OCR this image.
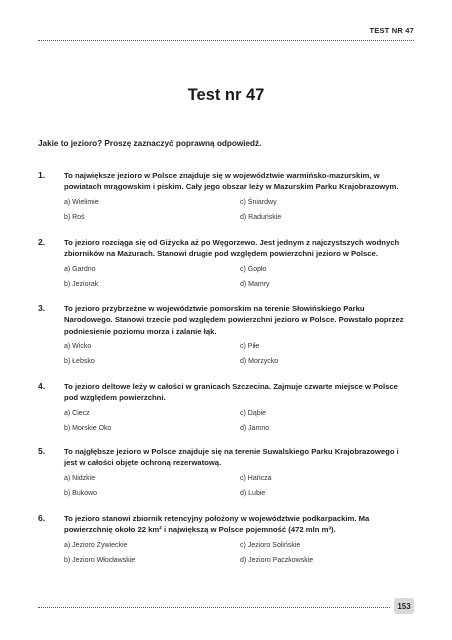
TEST NR 47
Test nr 47

Jakie to jezioro? Proszę zaznaczyć poprawną odpowiedź.

1. To największe jezioro w Polsce znajduje się w województwie warmińsko-mazurskim, w powiatach mrągowskim i piskim. Cały jego obszar leży w Mazurskim Parku Krajobrazowym.
a) Wielimie	c) Śniardwy
b) Roś	d) Raduńskie
2. To jezioro rozciąga się od Giżycka aż po Węgorzewo. Jest jednym z najczystszych wodnych zbiorników na Mazurach. Stanowi drugie pod względem powierzchni jezioro w Polsce.
a) Gardno	c) Gopło
b) Jeziorak	d) Mamry
3. To jezioro przybrzeżne w województwie pomorskim na terenie Słowińskiego Parku Narodowego. Stanowi trzecie pod względem powierzchni jezioro w Polsce. Powstało poprzez podniesienie poziomu morza i zalanie łąk.
a) Wicko	c) Piłe
b) Łebsko	d) Morzycko
4. To jezioro deltowe leży w całości w granicach Szczecina. Zajmuje czwarte miejsce w Polsce pod względem powierzchni.
a) Ciecz	c) Dąbie
b) Morskie Oko	d) Jamno
5. To najgłębsze jezioro w Polsce znajduje się na terenie Suwalskiego Parku Krajobrazowego i jest w całości objęte ochroną rezerwatową.
a) Nidzkie	c) Hańcza
b) Bukowo	d) Lubie
6. To jezioro stanowi zbiornik retencyjny położony w województwie podkarpackim. Ma powierzchnię około 22 km² i największą w Polsce pojemność (472 mln m³).
a) Jezioro Żywieckie	c) Jezioro Solińskie
b) Jezioro Włocławskie	d) Jezioro Paczkowskie
153
